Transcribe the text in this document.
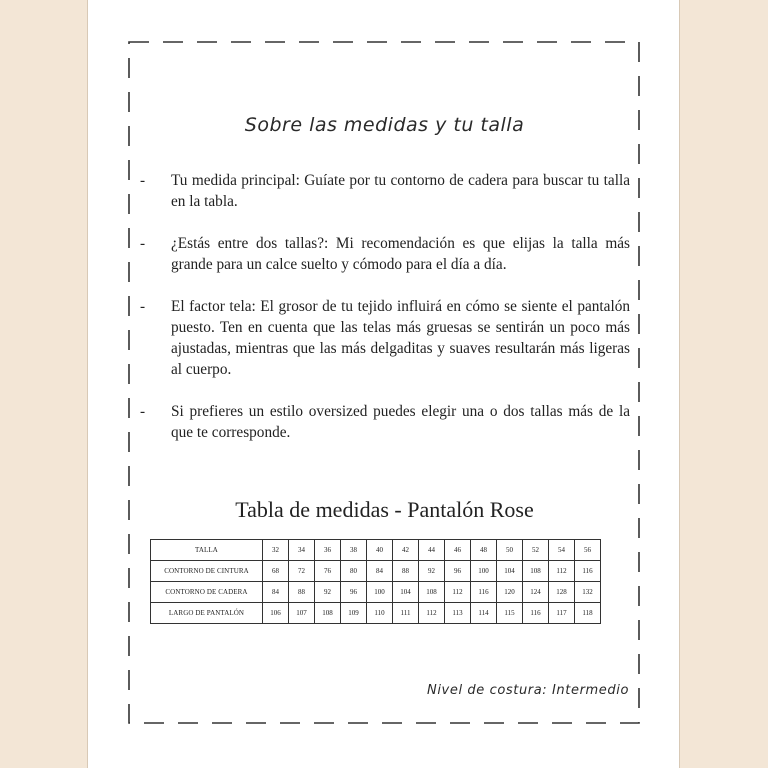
Sobre las medidas y tu talla
- Tu medida principal: Guíate por tu contorno de cadera para buscar tu talla en la tabla.
- ¿Estás entre dos tallas?: Mi recomendación es que elijas la talla más grande para un calce suelto y cómodo para el día a día.
- El factor tela: El grosor de tu tejido influirá en cómo se siente el pantalón puesto. Ten en cuenta que las telas más gruesas se sentirán un poco más ajustadas, mientras que las más delgaditas y suaves resultarán más ligeras al cuerpo.
- Si prefieres un estilo oversized puedes elegir una o dos tallas más de la que te corresponde.
Tabla de medidas - Pantalón Rose
TALLA	32	34	36	38	40	42	44	46	48	50	52	54	56
CONTORNO DE CINTURA	68	72	76	80	84	88	92	96	100	104	108	112	116
CONTORNO DE CADERA	84	88	92	96	100	104	108	112	116	120	124	128	132
LARGO DE PANTALÓN	106	107	108	109	110	111	112	113	114	115	116	117	118
Nivel de costura: Intermedio
